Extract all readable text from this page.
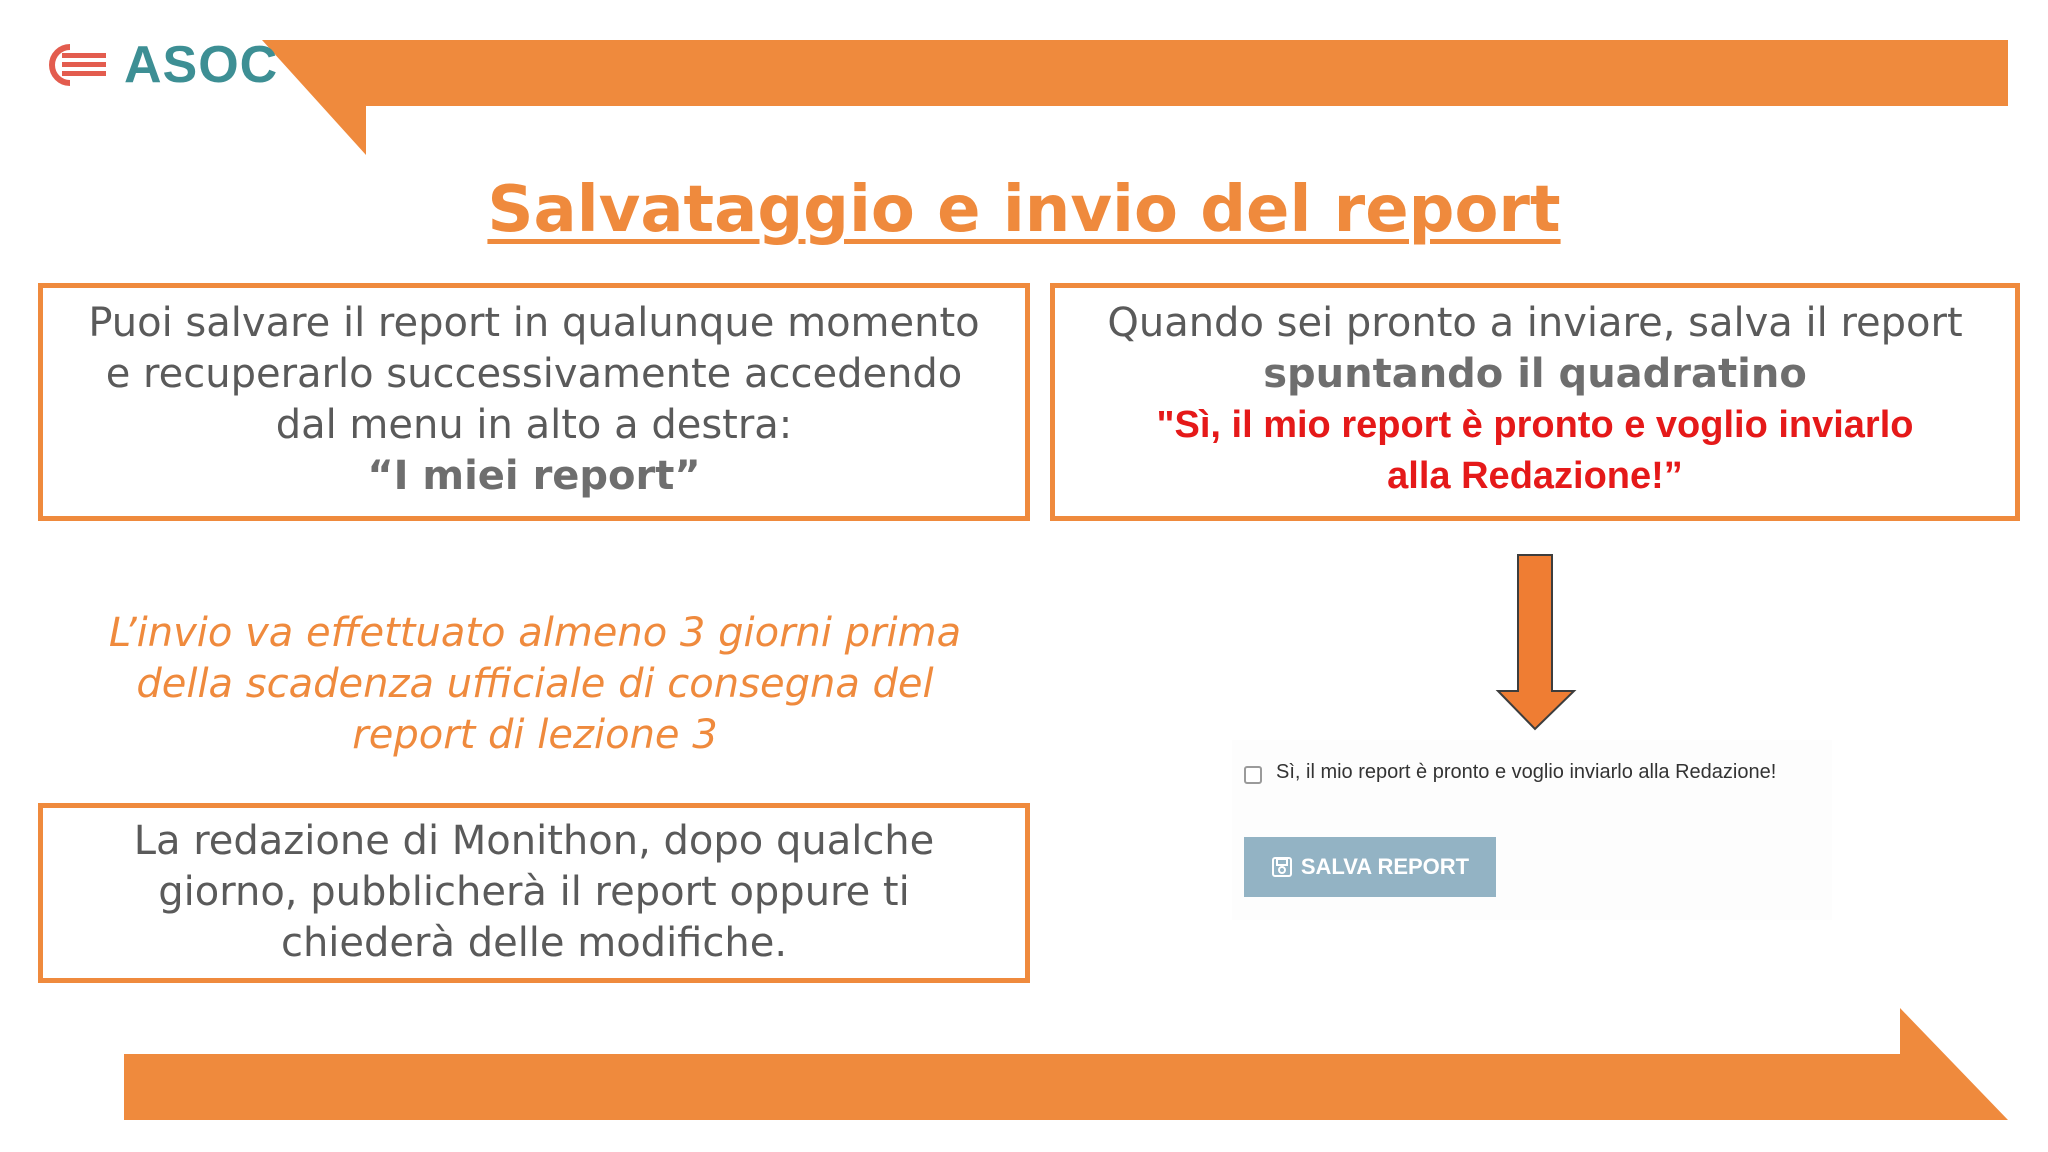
ASOC
Salvataggio e invio del report
Puoi salvare il report in qualunque momento
e recuperarlo successivamente accedendo
dal menu in alto a destra:
“I miei report”
Quando sei pronto a inviare, salva il report
spuntando il quadratino
"Sì, il mio report è pronto e voglio inviarlo
alla Redazione!”
L’invio va effettuato almeno 3 giorni prima
della scadenza ufficiale di consegna del
report di lezione 3
La redazione di Monithon, dopo qualche
giorno, pubblicherà il report oppure ti
chiederà delle modifiche.
Sì, il mio report è pronto e voglio inviarlo alla Redazione!
SALVA REPORT
